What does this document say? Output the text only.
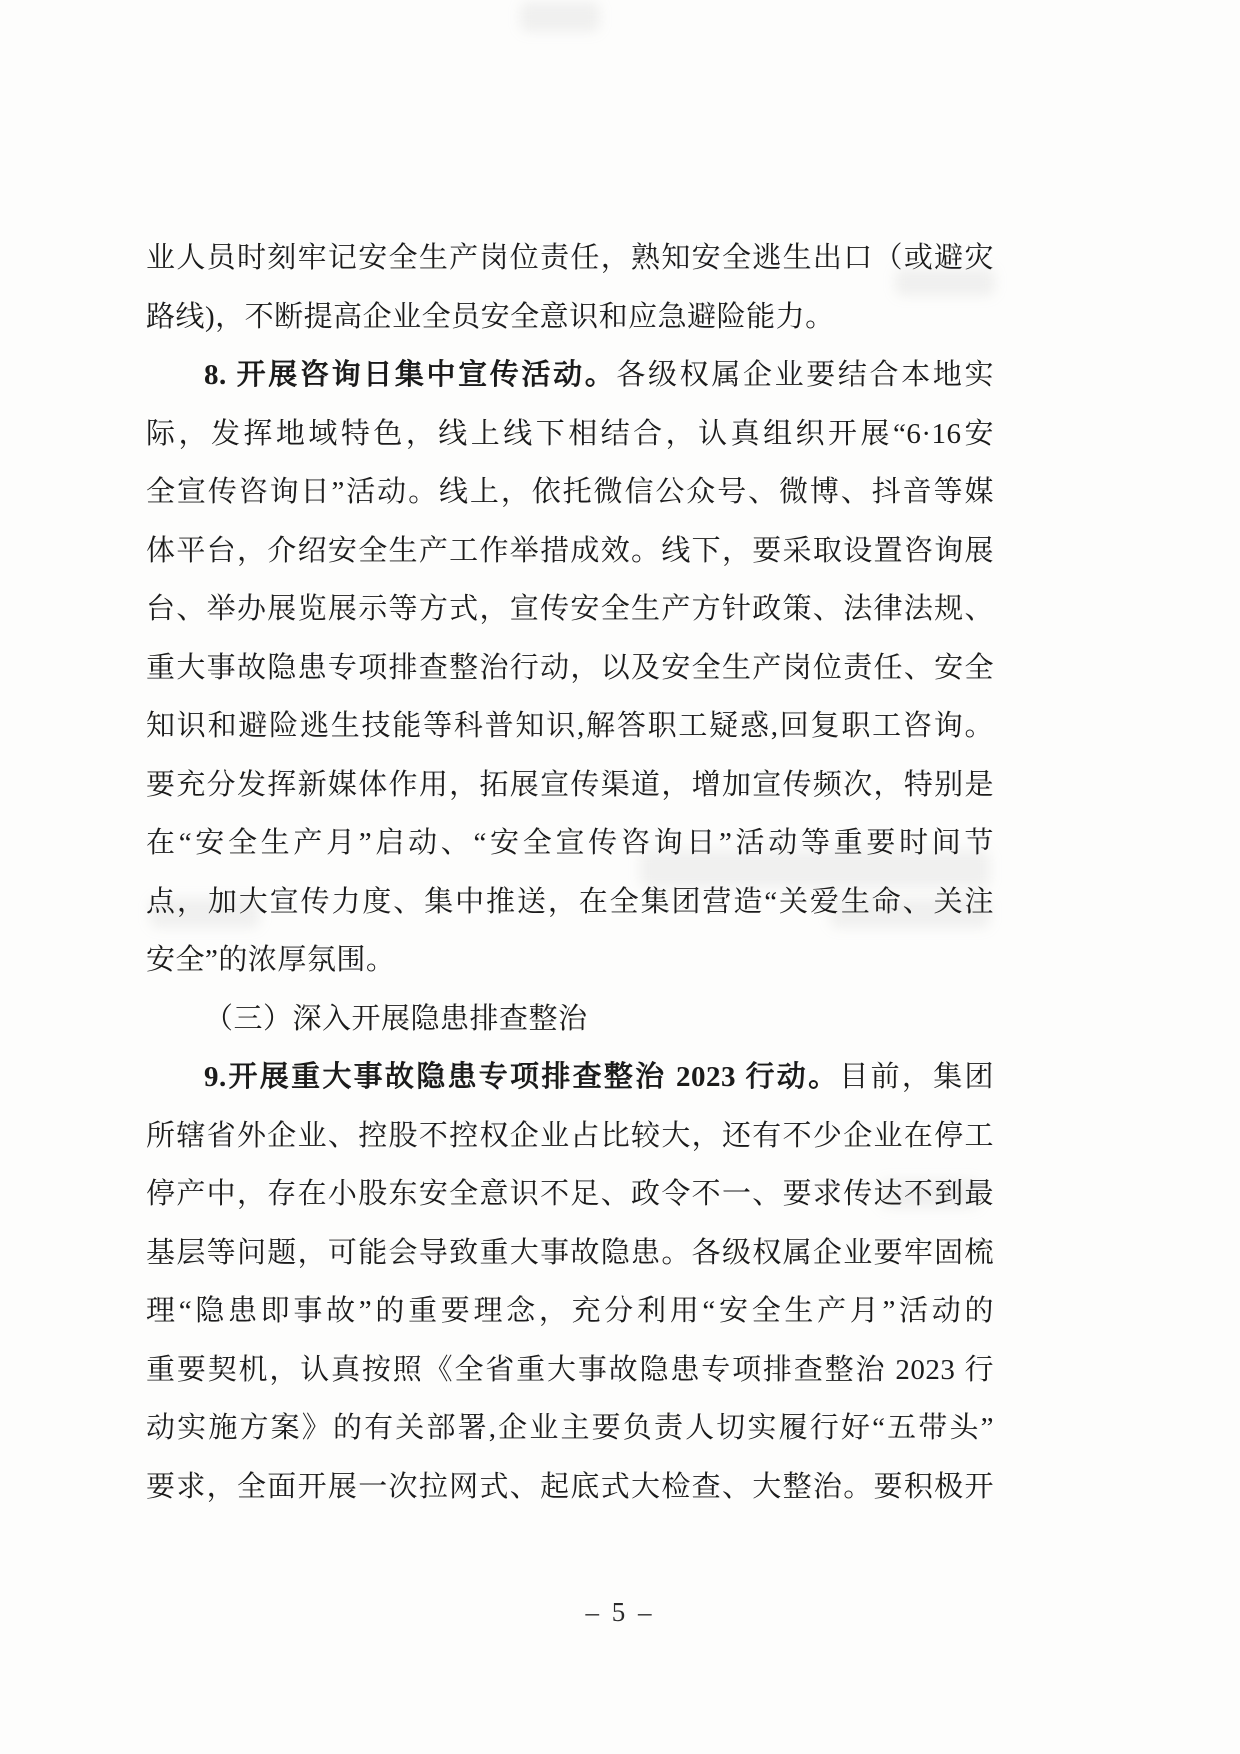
业人员时刻牢记安全生产岗位责任，熟知安全逃生出口（或避灾
路线)，不断提高企业全员安全意识和应急避险能力。
8. 开展咨询日集中宣传活动。各级权属企业要结合本地实
际，发挥地域特色，线上线下相结合，认真组织开展“6·16安
全宣传咨询日”活动。线上，依托微信公众号、微博、抖音等媒
体平台，介绍安全生产工作举措成效。线下，要采取设置咨询展
台、举办展览展示等方式，宣传安全生产方针政策、法律法规、
重大事故隐患专项排查整治行动，以及安全生产岗位责任、安全
知识和避险逃生技能等科普知识,解答职工疑惑,回复职工咨询。
要充分发挥新媒体作用，拓展宣传渠道，增加宣传频次，特别是
在“安全生产月”启动、“安全宣传咨询日”活动等重要时间节
点，加大宣传力度、集中推送，在全集团营造“关爱生命、关注
安全”的浓厚氛围。
（三）深入开展隐患排查整治
9.开展重大事故隐患专项排查整治 2023 行动。目前，集团
所辖省外企业、控股不控权企业占比较大，还有不少企业在停工
停产中，存在小股东安全意识不足、政令不一、要求传达不到最
基层等问题，可能会导致重大事故隐患。各级权属企业要牢固梳
理“隐患即事故”的重要理念，充分利用“安全生产月”活动的
重要契机，认真按照《全省重大事故隐患专项排查整治 2023 行
动实施方案》的有关部署,企业主要负责人切实履行好“五带头”
要求，全面开展一次拉网式、起底式大检查、大整治。要积极开
– 5 –
